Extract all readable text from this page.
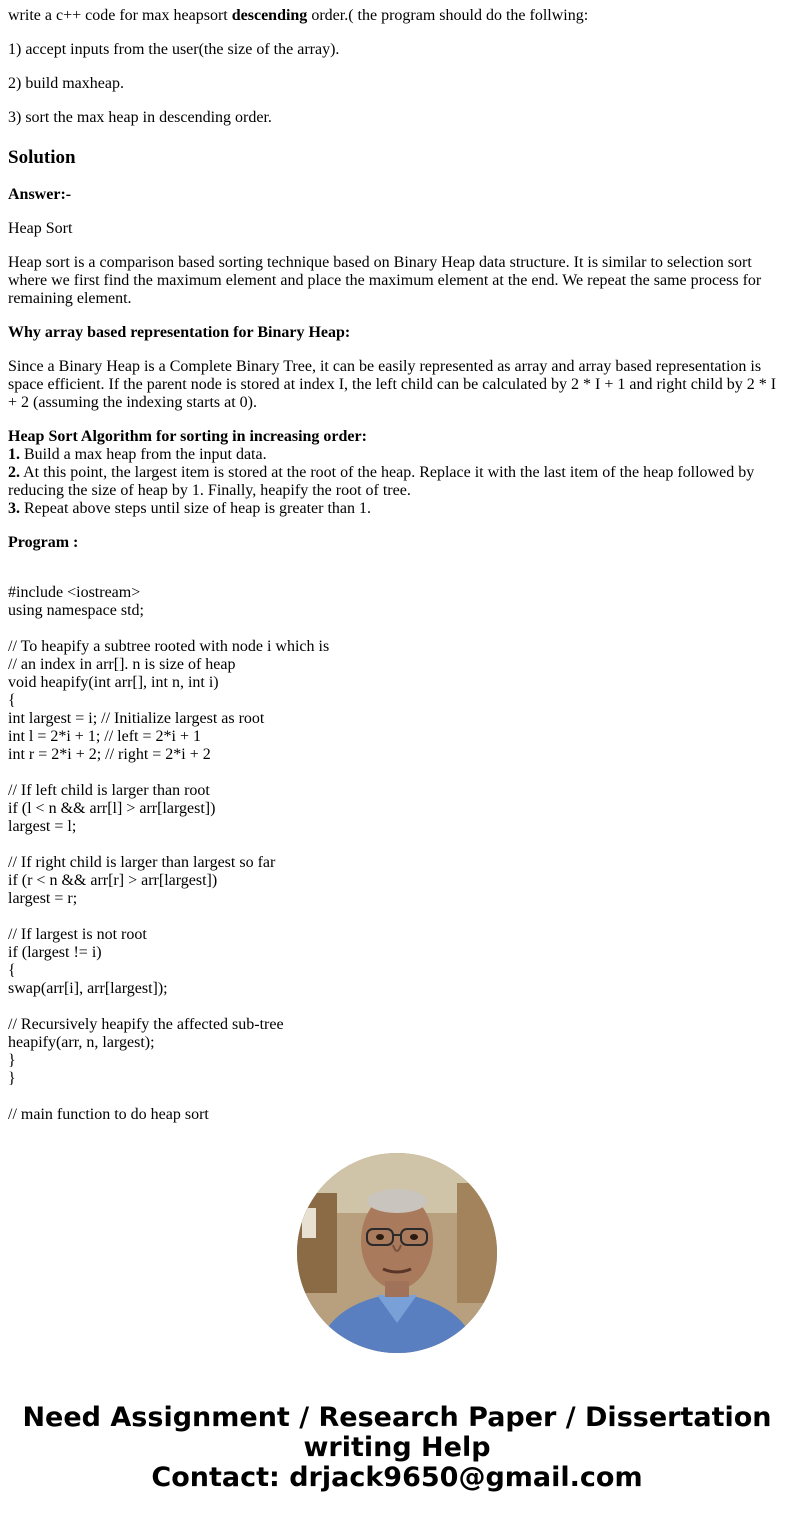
write a c++ code for max heapsort descending order.( the program should do the follwing:

1) accept inputs from the user(the size of the array).

2) build maxheap.

3) sort the max heap in descending order.

Solution

Answer:-

Heap Sort

Heap sort is a comparison based sorting technique based on Binary Heap data structure. It is similar to selection sort where we first find the maximum element and place the maximum element at the end. We repeat the same process for remaining element.

Why array based representation for Binary Heap:

Since a Binary Heap is a Complete Binary Tree, it can be easily represented as array and array based representation is space efficient. If the parent node is stored at index I, the left child can be calculated by 2 * I + 1 and right child by 2 * I + 2 (assuming the indexing starts at 0).

Heap Sort Algorithm for sorting in increasing order:
1. Build a max heap from the input data.
2. At this point, the largest item is stored at the root of the heap. Replace it with the last item of the heap followed by reducing the size of heap by 1. Finally, heapify the root of tree.
3. Repeat above steps until size of heap is greater than 1.

Program :

#include <iostream>
using namespace std;
// To heapify a subtree rooted with node i which is
// an index in arr[]. n is size of heap
void heapify(int arr[], int n, int i)
{
int largest = i; // Initialize largest as root
int l = 2*i + 1; // left = 2*i + 1
int r = 2*i + 2; // right = 2*i + 2
// If left child is larger than root
if (l < n && arr[l] > arr[largest])
largest = l;
// If right child is larger than largest so far
if (r < n && arr[r] > arr[largest])
largest = r;
// If largest is not root
if (largest != i)
{
swap(arr[i], arr[largest]);
// Recursively heapify the affected sub-tree
heapify(arr, n, largest);
}
}
// main function to do heap sort
Need Assignment / Research Paper / Dissertation
writing Help
Contact: drjack9650@gmail.com
